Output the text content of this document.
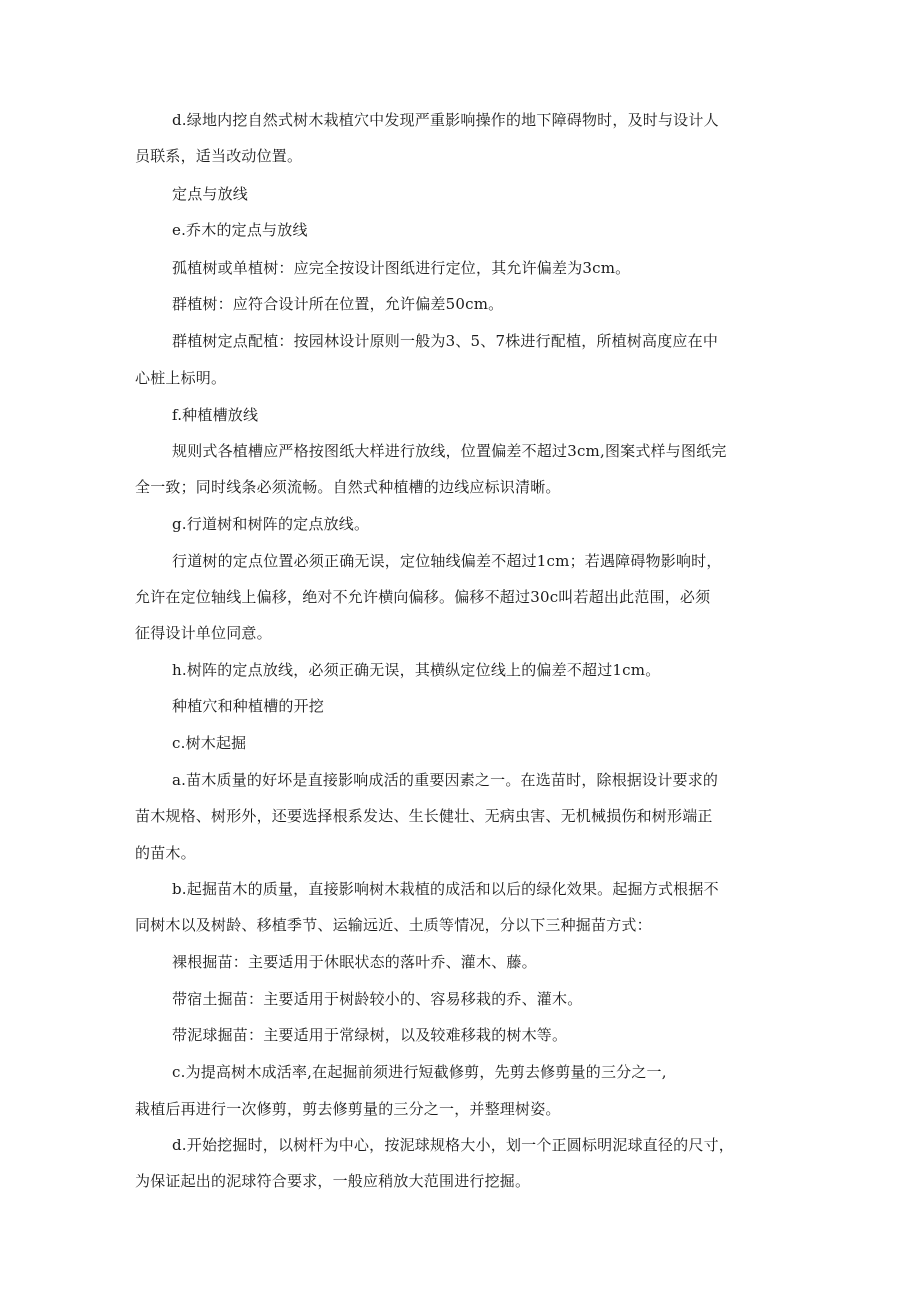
d.绿地内挖自然式树木栽植穴中发现严重影响操作的地下障碍物时，及时与设计人
员联系，适当改动位置。
定点与放线
e.乔木的定点与放线
孤植树或单植树：应完全按设计图纸进行定位，其允许偏差为3cm。
群植树：应符合设计所在位置，允许偏差50cm。
群植树定点配植：按园林设计原则一般为3、5、7株进行配植，所植树高度应在中
心桩上标明。
f.种植槽放线
规则式各植槽应严格按图纸大样进行放线，位置偏差不超过3cm,图案式样与图纸完
全一致；同时线条必须流畅。自然式种植槽的边线应标识清晰。
g.行道树和树阵的定点放线。
行道树的定点位置必须正确无误，定位轴线偏差不超过1cm；若遇障碍物影响时，
允许在定位轴线上偏移，绝对不允许横向偏移。偏移不超过30c叫若超出此范围，必须
征得设计单位同意。
h.树阵的定点放线，必须正确无误，其横纵定位线上的偏差不超过1cm。
种植穴和种植槽的开挖
c.树木起掘
a.苗木质量的好坏是直接影响成活的重要因素之一。在选苗时，除根据设计要求的
苗木规格、树形外，还要选择根系发达、生长健壮、无病虫害、无机械损伤和树形端正
的苗木。
b.起掘苗木的质量，直接影响树木栽植的成活和以后的绿化效果。起掘方式根据不
同树木以及树龄、移植季节、运输远近、土质等情况，分以下三种掘苗方式：
裸根掘苗：主要适用于休眠状态的落叶乔、灌木、藤。
带宿土掘苗：主要适用于树龄较小的、容易移栽的乔、灌木。
带泥球掘苗：主要适用于常绿树，以及较难移栽的树木等。
c.为提高树木成活率,在起掘前须进行短截修剪，先剪去修剪量的三分之一,
栽植后再进行一次修剪，剪去修剪量的三分之一，并整理树姿。
d.开始挖掘时，以树杆为中心，按泥球规格大小，划一个正圆标明泥球直径的尺寸，
为保证起出的泥球符合要求，一般应稍放大范围进行挖掘。
